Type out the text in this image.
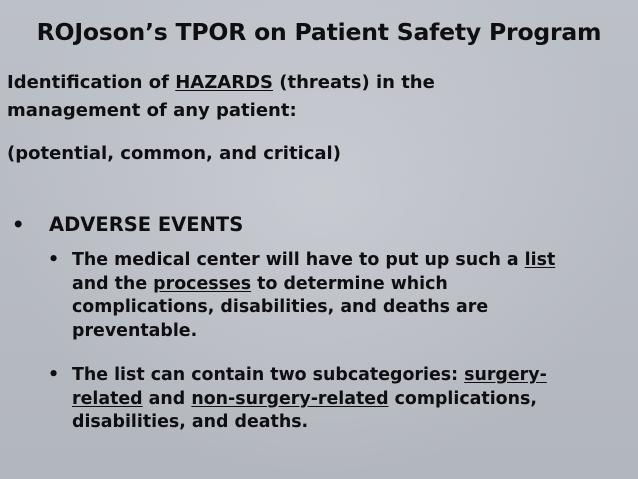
ROJoson’s TPOR on Patient Safety Program
Identification of HAZARDS (threats) in the
management of any patient:
(potential, common, and critical)
•	ADVERSE EVENTS
• The medical center will have to put up such a list
and the processes to determine which
complications, disabilities, and deaths are
preventable.
• The list can contain two subcategories: surgery-
related and non-surgery-related complications,
disabilities, and deaths.
